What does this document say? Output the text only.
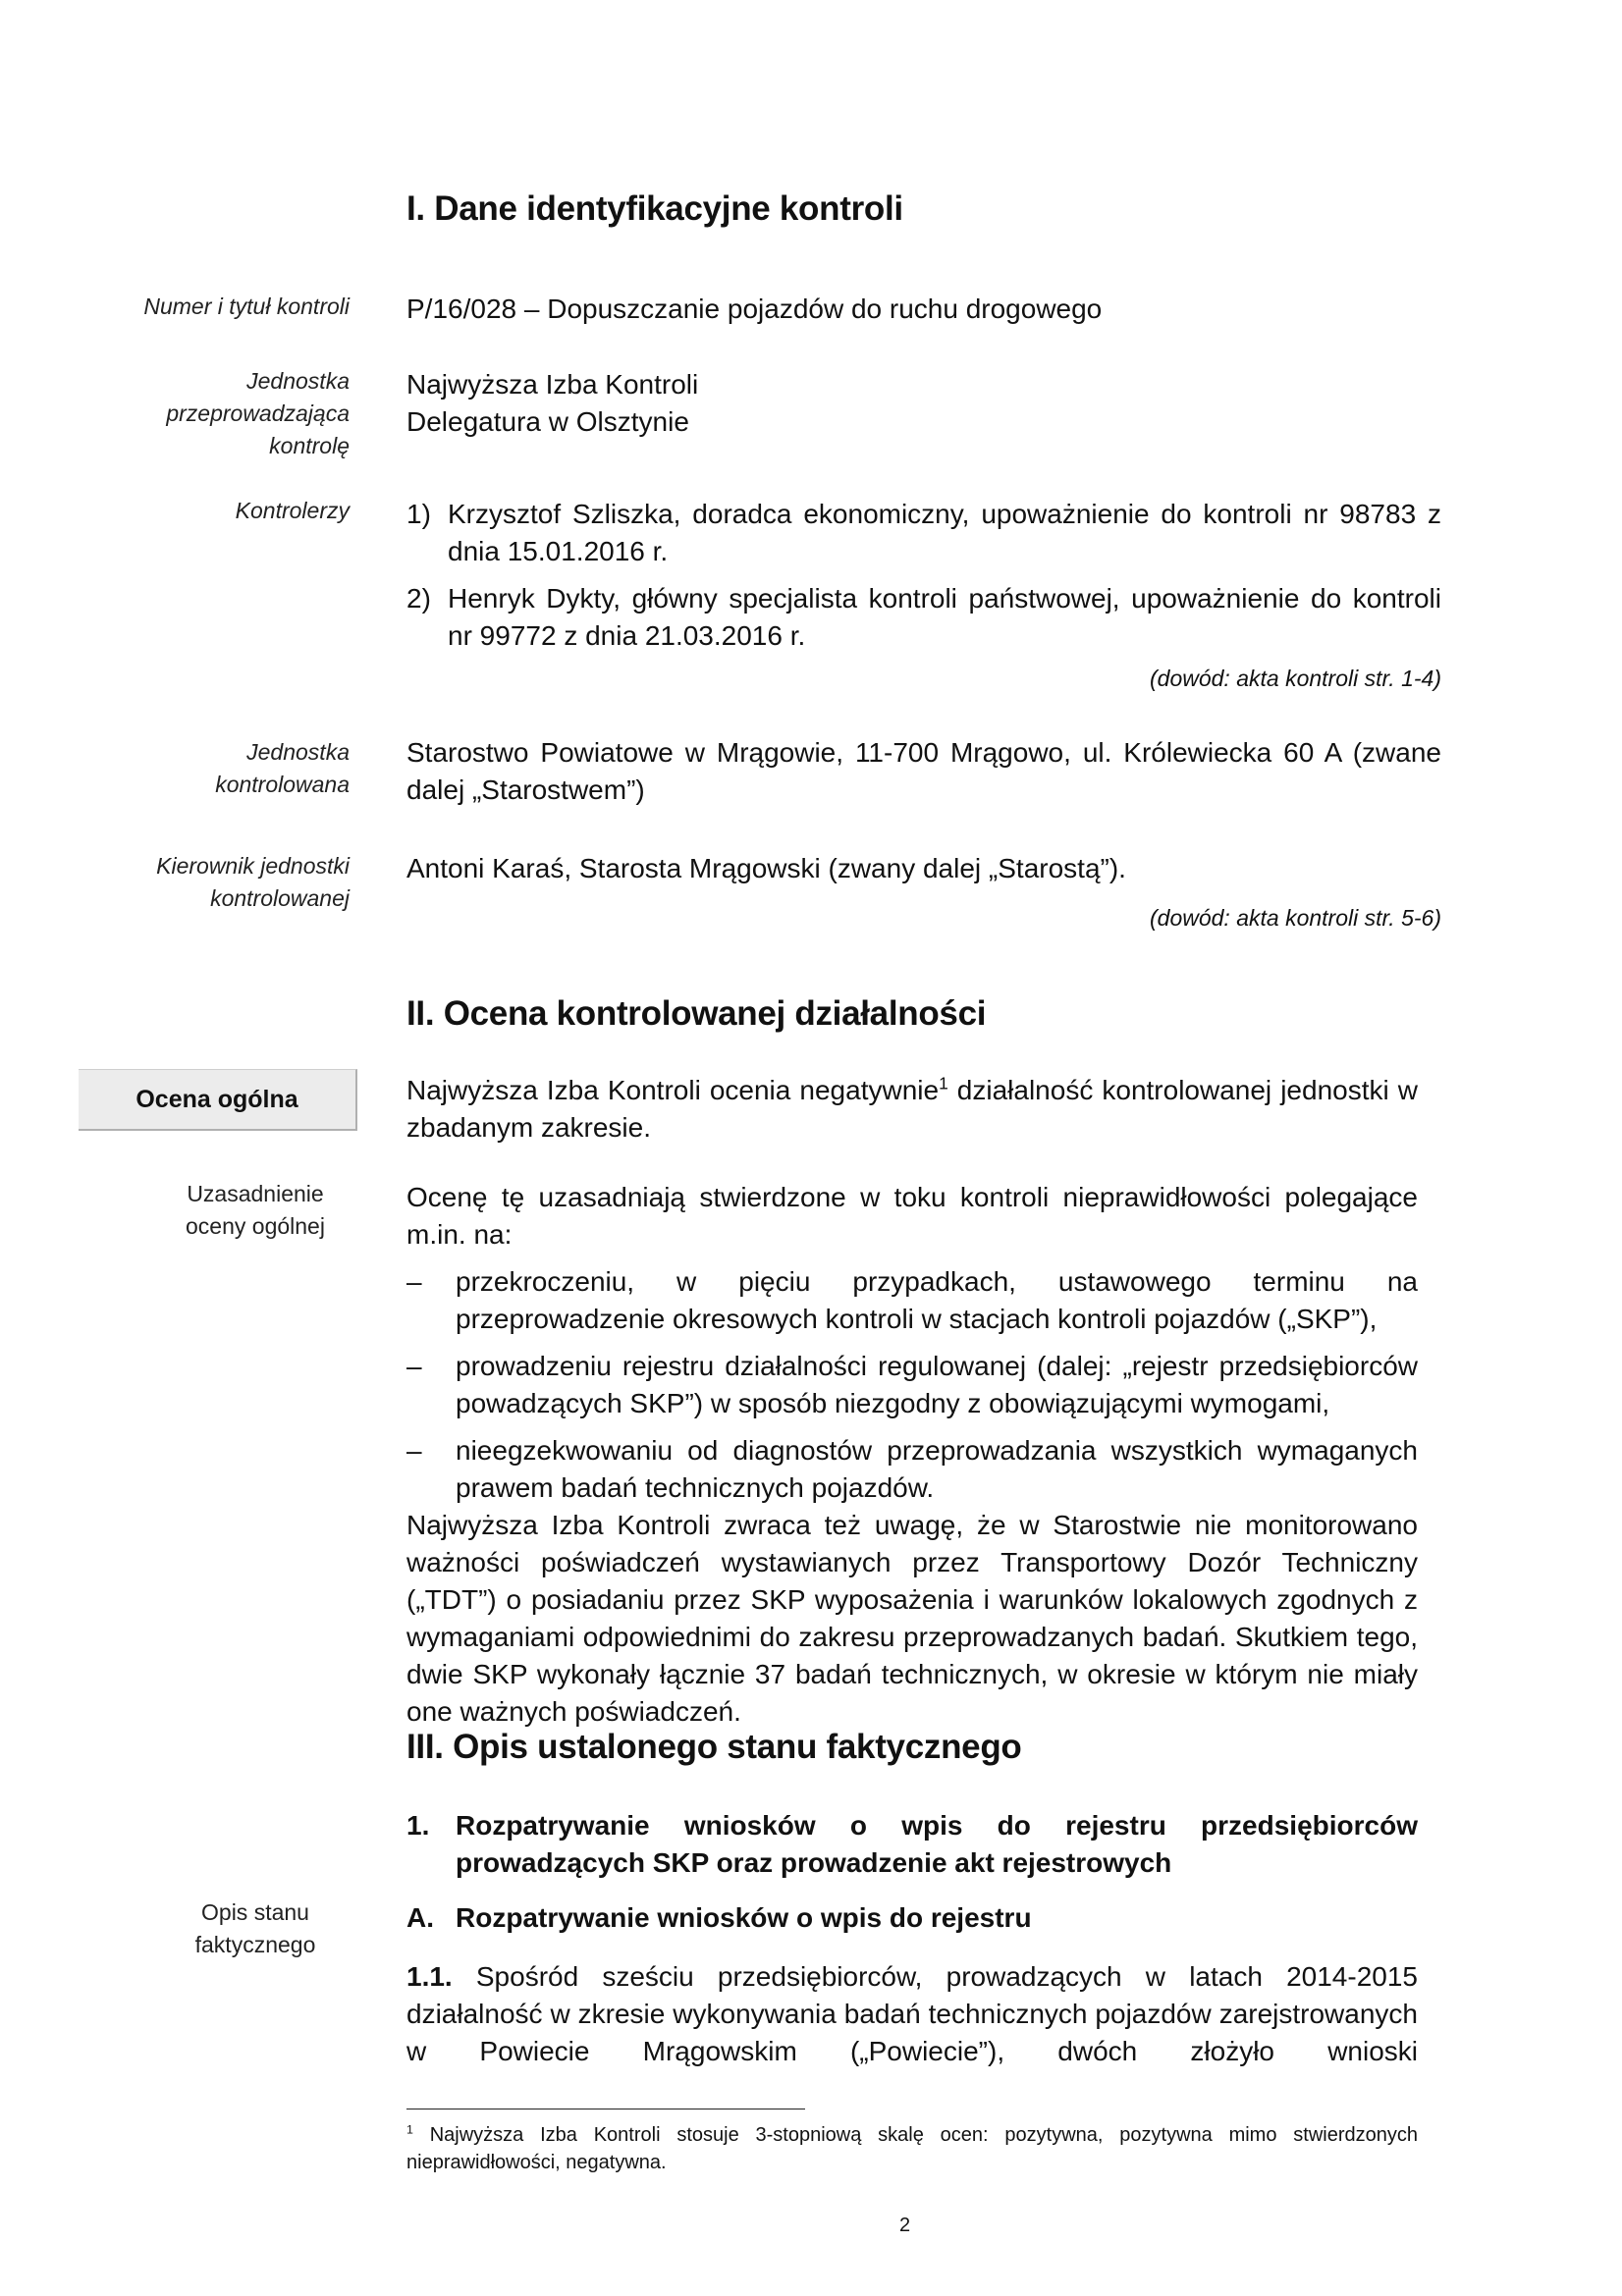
I. Dane identyfikacyjne kontroli
Numer i tytuł kontroli P/16/028 – Dopuszczanie pojazdów do ruchu drogowego
Jednostka
przeprowadzająca
kontrolę
Najwyższa Izba Kontroli
Delegatura w Olsztynie
Kontrolerzy 1) Krzysztof Szliszka, doradca ekonomiczny, upoważnienie do kontroli nr 98783 z dnia 15.01.2016 r.
2) Henryk Dykty, główny specjalista kontroli państwowej, upoważnienie do kontroli nr 99772 z dnia 21.03.2016 r.
(dowód: akta kontroli str. 1-4)
Jednostka
kontrolowana
Starostwo Powiatowe w Mrągowie, 11-700 Mrągowo, ul. Królewiecka 60 A (zwane dalej „Starostwem”)
Kierownik jednostki
kontrolowanej
Antoni Karaś, Starosta Mrągowski (zwany dalej „Starostą”).
(dowód: akta kontroli str. 5-6)
II. Ocena kontrolowanej działalności
Ocena ogólna	Najwyższa Izba Kontroli ocenia negatywnie$^1$ działalność kontrolowanej jednostki w zbadanym zakresie.
Uzasadnienie
oceny ogólnej
Ocenę tę uzasadniają stwierdzone w toku kontroli nieprawidłowości polegające m.in. na:
– przekroczeniu, w pięciu przypadkach, ustawowego terminu na przeprowadzenie okresowych kontroli w stacjach kontroli pojazdów („SKP”),
– prowadzeniu rejestru działalności regulowanej (dalej: „rejestr przedsiębiorców powadzących SKP”) w sposób niezgodny z obowiązującymi wymogami,
– nieegzekwowaniu od diagnostów przeprowadzania wszystkich wymaganych prawem badań technicznych pojazdów.
Najwyższa Izba Kontroli zwraca też uwagę, że w Starostwie nie monitorowano ważności poświadczeń wystawianych przez Transportowy Dozór Techniczny („TDT”) o posiadaniu przez SKP wyposażenia i warunków lokalowych zgodnych z wymaganiami odpowiednimi do zakresu przeprowadzanych badań. Skutkiem tego, dwie SKP wykonały łącznie 37 badań technicznych, w okresie w którym nie miały one ważnych poświadczeń.
III. Opis ustalonego stanu faktycznego
1. Rozpatrywanie wniosków o wpis do rejestru przedsiębiorców prowadzących SKP oraz prowadzenie akt rejestrowych
Opis stanu
faktycznego
A. Rozpatrywanie wniosków o wpis do rejestru
1.1. Spośród sześciu przedsiębiorców, prowadzących w latach 2014-2015 działalność w zkresie wykonywania badań technicznych pojazdów zarejstrowanych w Powiecie Mrągowskim („Powiecie”), dwóch złożyło wnioski
$^1$ Najwyższa Izba Kontroli stosuje 3-stopniową skalę ocen: pozytywna, pozytywna mimo stwierdzonych nieprawidłowości, negatywna.
2
